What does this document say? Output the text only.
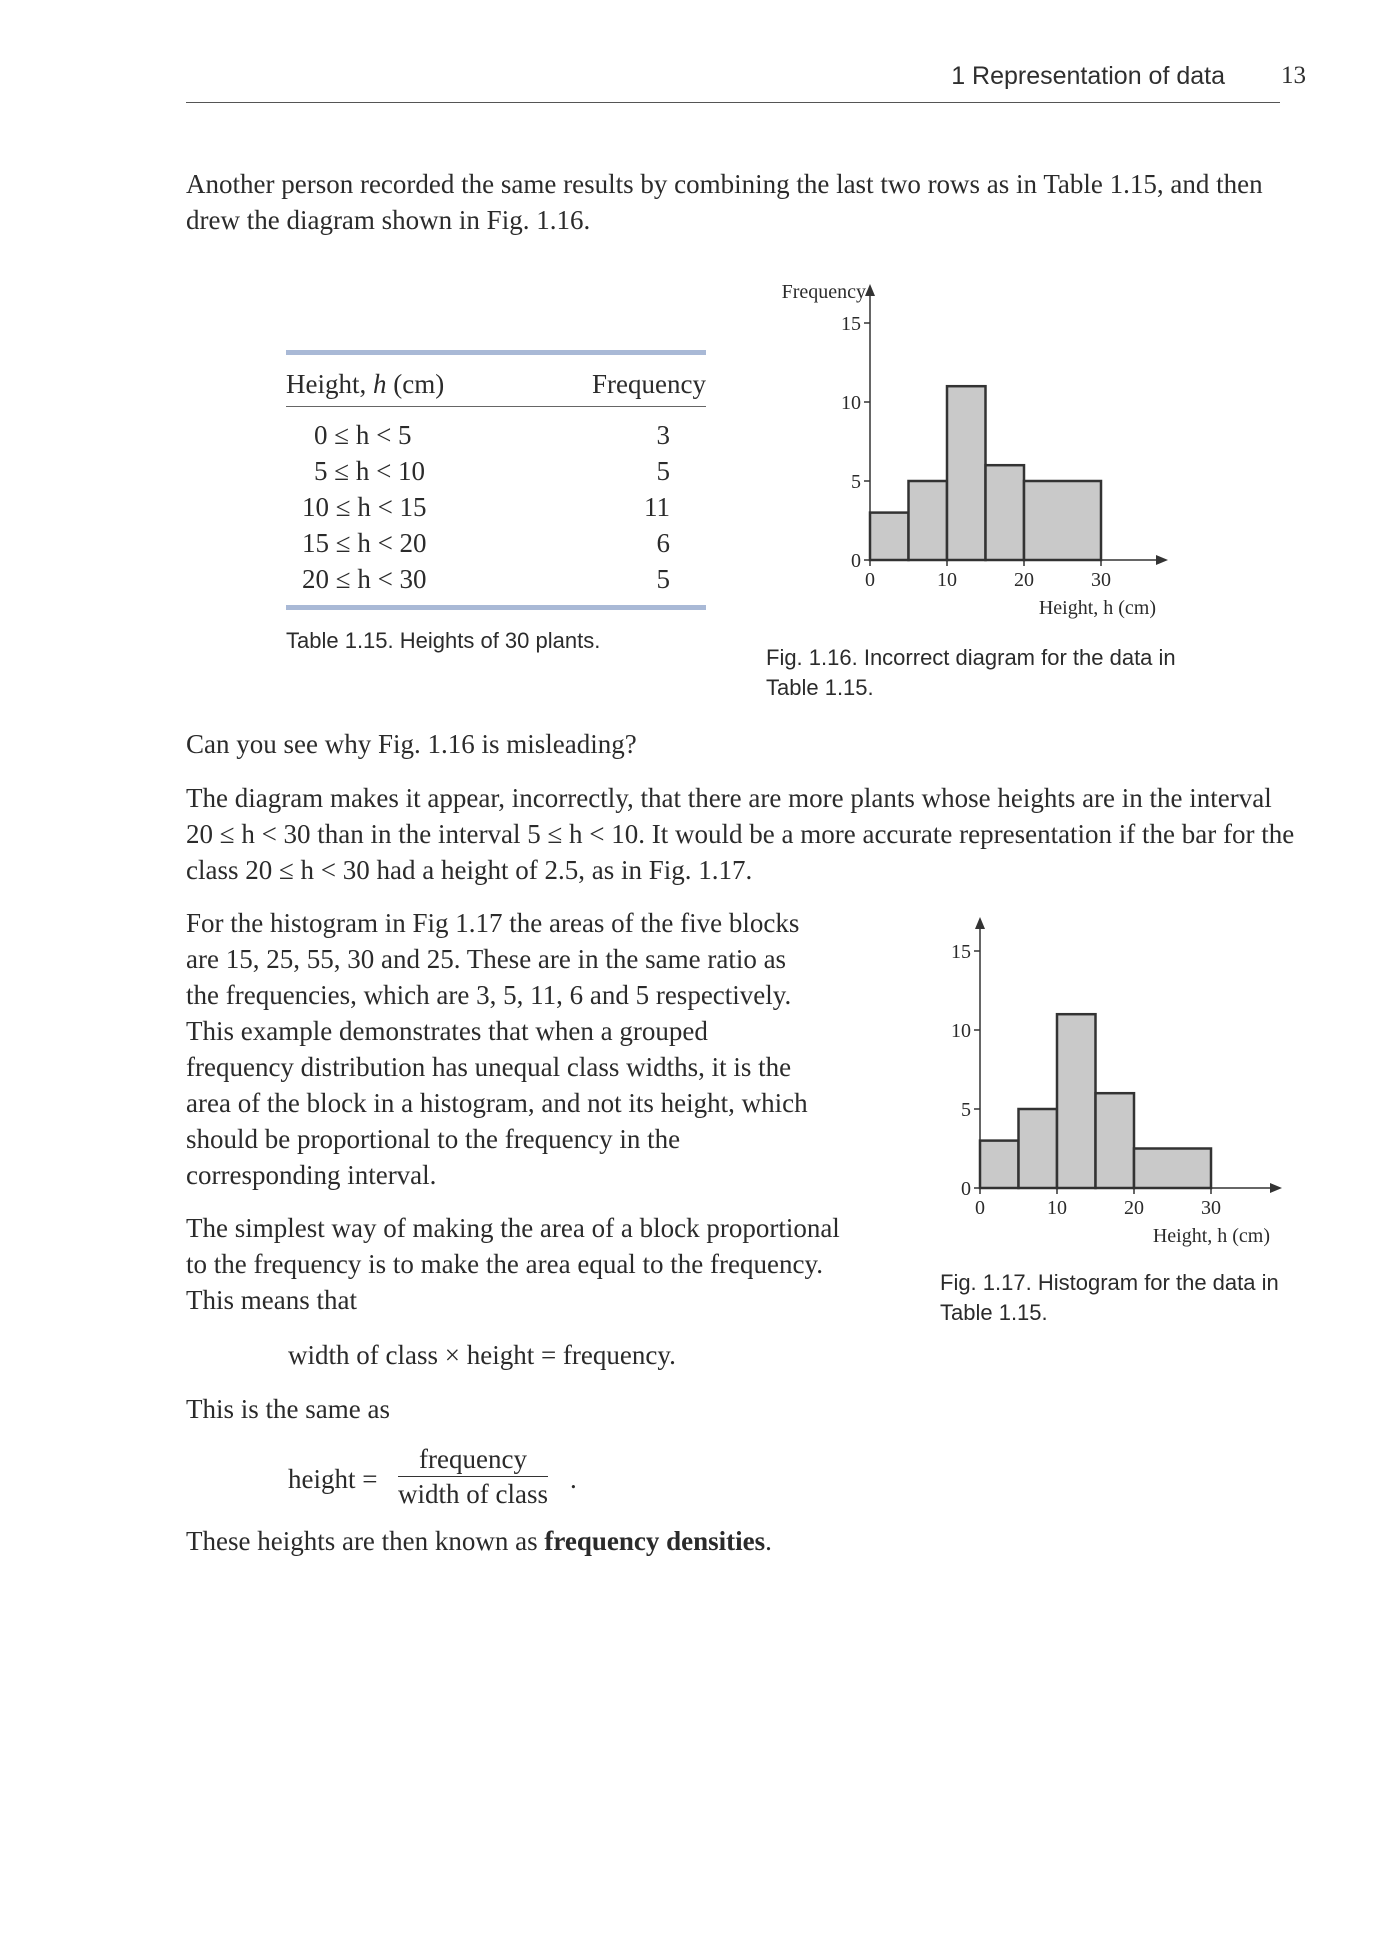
1 Representation of data 13
Another person recorded the same results by combining the last two rows as in Table 1.15, and then drew the diagram shown in Fig. 1.16.
Height, h (cm)	Frequency
0 ≤ h < 5	3
5 ≤ h < 10	5
10 ≤ h < 15	11
15 ≤ h < 20	6
20 ≤ h < 30	5
Table 1.15. Heights of 30 plants.
0
5
10
15
0	10	20	30
Height, h (cm)
Frequency
Fig. 1.16. Incorrect diagram for the data in Table 1.15.
Can you see why Fig. 1.16 is misleading?
The diagram makes it appear, incorrectly, that there are more plants whose heights are in the interval 20 ≤ h < 30 than in the interval 5 ≤ h < 10. It would be a more accurate representation if the bar for the class 20 ≤ h < 30 had a height of 2.5, as in Fig. 1.17.
For the histogram in Fig 1.17 the areas of the five blocks are 15, 25, 55, 30 and 25. These are in the same ratio as the frequencies, which are 3, 5, 11, 6 and 5 respectively. This example demonstrates that when a grouped frequency distribution has unequal class widths, it is the area of the block in a histogram, and not its height, which should be proportional to the frequency in the corresponding interval.	0
5
10
15
0	10	20	30
Height, h (cm)
Fig. 1.17. Histogram for the data in Table 1.15.
The simplest way of making the area of a block proportional to the frequency is to make the area equal to the frequency. This means that
width of class × height = frequency.
This is the same as
height =
frequency
width of class .
These heights are then known as frequency densities.
